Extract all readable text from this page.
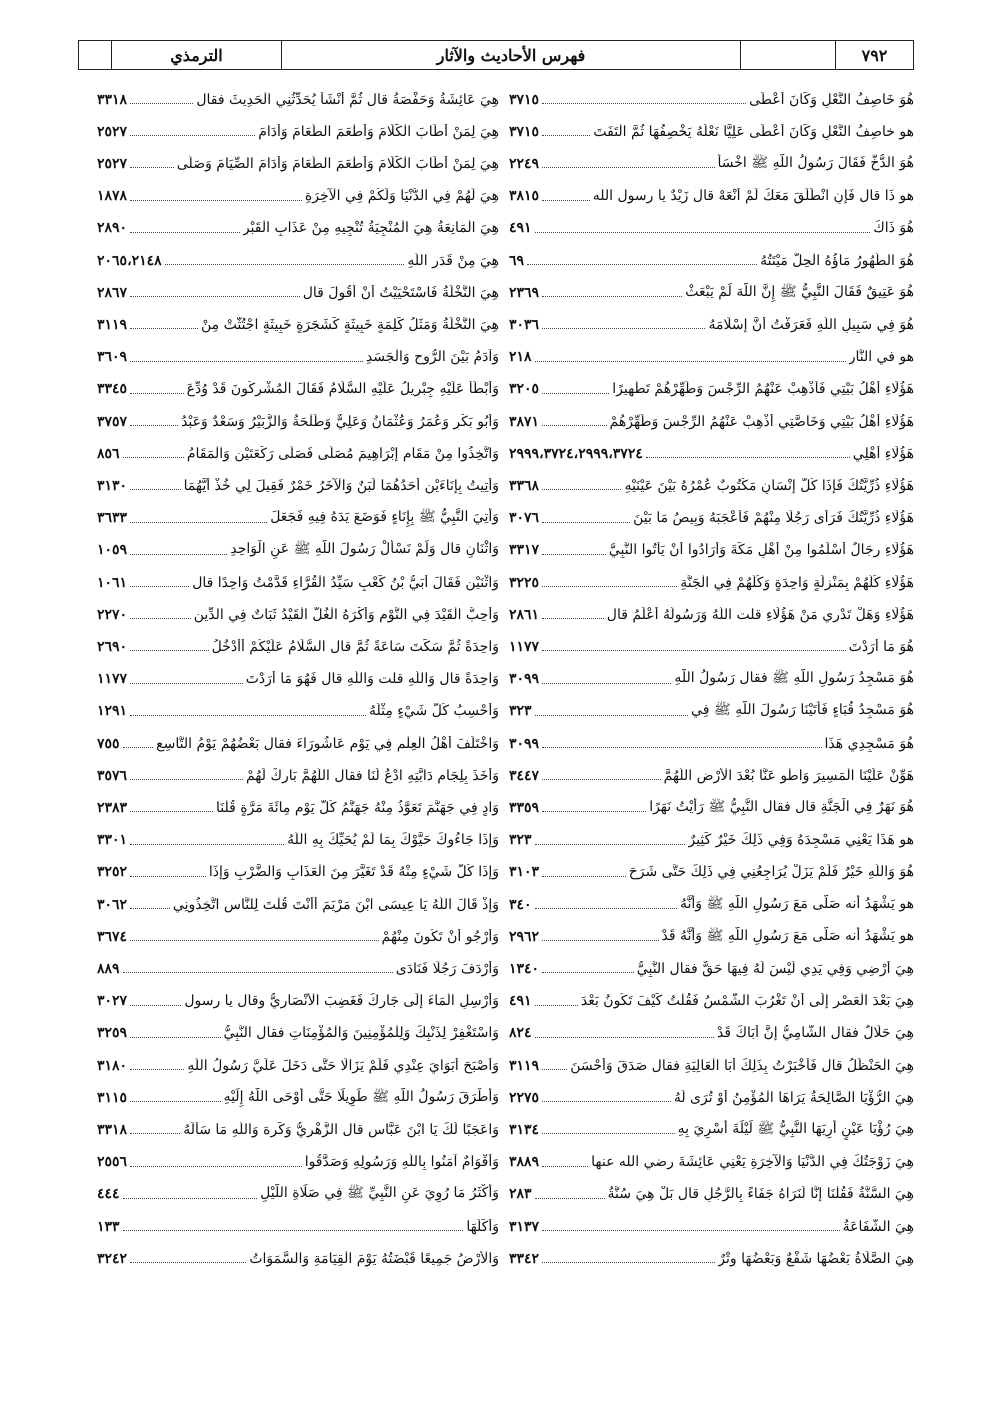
الترمذي	فهرس الأحاديث والآثار	٧٩٢
٣٣١٨	هِيَ عَائِشَةُ وَحَفْصَةُ قال ثُمَّ أَنْشَأَ يُحَدِّثُنِي الْحَدِيثَ فقال
٢٥٢٧	هِيَ لِمَنْ أَطَابَ الْكَلَامَ وَأَطْعَمَ الطَّعَامَ وَأَدَامَ
٢٥٢٧	هِيَ لِمَنْ أَطَابَ الْكَلَامَ وَأَطْعَمَ الطَّعَامَ وَأَدَامَ الصِّيَامَ وَصَلَّى
١٨٧٨	هِيَ لَهُمْ فِي الدُّنْيَا وَلَكُمْ فِي الْآخِرَةِ
٢٨٩٠	هِيَ الْمَانِعَةُ هِيَ الْمُنْجِيَةُ تُنْجِيهِ مِنْ عَذَابِ الْقَبْرِ
٢٠٦٥،٢١٤٨	هِيَ مِنْ قَدَرِ اللَّهِ
٢٨٦٧	هِيَ النَّخْلَةُ فَاسْتَحْيَيْتُ أَنْ أَقُولَ قال
٣١١٩	هِيَ النَّخْلَةُ وَمَثَلُ كَلِمَةٍ خَبِيثَةٍ كَشَجَرَةٍ خَبِيثَةٍ اجْتُثَّتْ مِنْ
٣٦٠٩	وَآدَمُ بَيْنَ الرُّوحِ وَالْجَسَدِ
٣٣٤٥	وَأَبْطَأَ عَلَيْهِ جِبْرِيلُ عَلَيْهِ السَّلَامُ فَقَالَ الْمُشْرِكُونَ قَدْ وُدِّعَ
٣٧٥٧	وَأَبُو بَكْرٍ وَعُمَرُ وَعُثْمَانُ وَعَلِيٌّ وَطَلْحَةُ وَالزُّبَيْرُ وَسَعْدٌ وَعَبْدُ
٨٥٦	وَاتَّخِذُوا مِنْ مَقَامِ إِبْرَاهِيمَ مُصَلًّى فَصَلَّى رَكْعَتَيْنِ وَالْمَقَامُ
٣١٣٠	وَأُتِيتُ بِإِنَاءَيْنِ أَحَدُهُمَا لَبَنٌ وَالْآخَرُ خَمْرٌ فَقِيلَ لِي خُذْ أَيَّهُمَا
٣٦٣٣	وَأُتِيَ النَّبِيُّ ﷺ بِإِنَاءٍ فَوَضَعَ يَدَهُ فِيهِ فَجَعَلَ
١٠٥٩	وَاثْنَانِ قال وَلَمْ نَسْأَلْ رَسُولَ اللَّهِ ﷺ عَنِ الْوَاحِدِ
١٠٦١	وَاثْنَيْنِ فَقَالَ أُبَيُّ بْنُ كَعْبٍ سَيِّدُ الْقُرَّاءِ قَدَّمْتُ وَاحِدًا قال
٢٢٧٠	وَأُحِبُّ الْقَيْدَ فِي النَّوْمِ وَأَكْرَهُ الْغُلَّ الْقَيْدُ ثَبَاتٌ فِي الدِّينِ
٢٦٩٠	وَاحِدَةً ثُمَّ سَكَتَ سَاعَةً ثُمَّ قال السَّلَامُ عَلَيْكُمْ أَأَدْخُلُ
١١٧٧	وَاحِدَةً قال وَاللَّهِ قلت وَاللَّهِ قال فَهُوَ مَا أَرَدْتَ
١٢٩١	وَأَحْسِبُ كُلَّ شَيْءٍ مِثْلَهُ
٧٥٥	وَاخْتَلَفَ أَهْلُ الْعِلْمِ فِي يَوْمِ عَاشُورَاءَ فقال بَعْضُهُمْ يَوْمُ التَّاسِعِ
٣٥٧٦	وَأَخَذَ بِلِجَامِ دَابَّتِهِ ادْعُ لَنَا فقال اللَّهُمَّ بَارِكْ لَهُمْ
٢٣٨٣	وَادٍ فِي جَهَنَّمَ تَعَوَّذُ مِنْهُ جَهَنَّمُ كُلَّ يَوْمٍ مِائَةَ مَرَّةٍ قُلْنَا
٣٣٠١	وَإِذَا جَاءُوكَ حَيَّوْكَ بِمَا لَمْ يُحَيِّكَ بِهِ اللَّهُ
٣٢٥٢	وَإِذَا كُلُّ شَيْءٍ مِنْهُ قَدْ تَغَيَّرَ مِنَ الْعَذَابِ وَالضَّرْبِ وَإِذَا
٣٠٦٢	وَإِذْ قَالَ اللَّهُ يَا عِيسَى ابْنَ مَرْيَمَ أَأَنْتَ قُلْتَ لِلنَّاسِ اتَّخِذُونِي
٣٦٧٤	وَأَرْجُو أَنْ تَكُونَ مِنْهُمْ
٨٨٩	وَأَرْدَفَ رَجُلًا فَنَادَى
٣٠٢٧	وَأَرْسِلِ الْمَاءَ إِلَى جَارِكَ فَغَضِبَ الْأَنْصَارِيُّ وقال يا رسول
٣٢٥٩	وَاسْتَغْفِرْ لِذَنْبِكَ وَلِلْمُؤْمِنِينَ وَالْمُؤْمِنَاتِ فقال النَّبِيُّ
٣١٨٠	وَأَصْبَحَ أَبَوَايَ عِنْدِي فَلَمْ يَزَالَا حَتَّى دَخَلَ عَلَيَّ رَسُولُ اللَّهِ
٣١١٥	وَأَطْرَقَ رَسُولُ اللَّهِ ﷺ طَوِيلًا حَتَّى أَوْحَى اللَّهُ إِلَيْهِ
٣٣١٨	وَاعَجَبًا لَكَ يَا ابْنَ عَبَّاسٍ قال الزُّهْرِيُّ وَكَرِهَ وَاللَّهِ مَا سَأَلَهُ
٢٥٥٦	وَأَقْوَامٌ آمَنُوا بِاللَّهِ وَرَسُولِهِ وَصَدَّقُوا
٤٤٤	وَأَكْثَرُ مَا رُوِيَ عَنِ النَّبِيِّ ﷺ فِي صَلَاةِ اللَّيْلِ
١٣٣	وَأَكَلَهَا
٣٢٤٢	وَالْأَرْضُ جَمِيعًا قَبْضَتُهُ يَوْمَ الْقِيَامَةِ وَالسَّمَوَاتُ
٣٧١٥	هُوَ خَاصِفُ النَّعْلِ وَكَانَ أَعْطَى
٣٧١٥	هو خاصِفُ النَّعْلِ وَكَانَ أَعْطَى عَلِيًّا نَعْلَهُ يَخْصِفُهَا ثُمَّ الْتَفَتَ
٢٢٤٩	هُوَ الدُّخُّ فَقَالَ رَسُولُ اللَّهِ ﷺ اخْسَأْ
٣٨١٥	هو ذَا قال فَإِنِ انْطَلَقَ مَعَكَ لَمْ أَنْعَهْ قال زَيْدٌ يا رسول الله
٤٩١	هُوَ ذَاكَ
٦٩	هُوَ الطَّهُورُ مَاؤُهُ الْحِلُّ مَيْتَتُهُ
٢٣٦٩	هُوَ عَتِيقٌ فَقَالَ النَّبِيُّ ﷺ إِنَّ اللَّهَ لَمْ يَبْعَثْ
٣٠٣٦	هُوَ فِي سَبِيلِ اللَّهِ فَعَرَفْتُ أَنَّ إِسْلَامَهُ
٢١٨	هو في النَّارِ
٣٢٠٥	هَؤُلَاءِ أَهْلُ بَيْتِي فَأَذْهِبْ عَنْهُمُ الرِّجْسَ وَطَهِّرْهُمْ تَطْهِيرًا
٣٨٧١	هَؤُلَاءِ أَهْلُ بَيْتِي وَخَاصَّتِي أَذْهِبْ عَنْهُمُ الرِّجْسَ وَطَهِّرْهُمْ
٢٩٩٩،٣٧٢٤،٢٩٩٩،٣٧٢٤	هَؤُلَاءِ أَهْلِي
٣٣٦٨	هَؤُلَاءِ ذُرِّيَّتُكَ فَإِذَا كُلُّ إِنْسَانٍ مَكْتُوبٌ عُمْرُهُ بَيْنَ عَيْنَيْهِ
٣٠٧٦	هَؤُلَاءِ ذُرِّيَّتُكَ فَرَأَى رَجُلًا مِنْهُمْ فَأَعْجَبَهُ وَبِيصُ مَا بَيْنَ
٣٣١٧	هَؤُلَاءِ رِجَالٌ أَسْلَمُوا مِنْ أَهْلِ مَكَّةَ وَأَرَادُوا أَنْ يَأْتُوا النَّبِيَّ
٣٢٢٥	هَؤُلَاءِ كُلُّهُمْ بِمَنْزِلَةٍ وَاحِدَةٍ وَكُلُّهُمْ فِي الْجَنَّةِ
٢٨٦١	هَؤُلَاءِ وَهَلْ تَدْرِي مَنْ هَؤُلَاءِ قلت اللَّهُ وَرَسُولُهُ أَعْلَمُ قال
١١٧٧	هُوَ مَا أَرَدْتَ
٣٠٩٩	هُوَ مَسْجِدُ رَسُولِ اللَّهِ ﷺ فقال رَسُولُ اللَّهِ
٣٢٣	هُوَ مَسْجِدُ قُبَاءٍ فَأَتَيْنَا رَسُولَ اللَّهِ ﷺ فِي
٣٠٩٩	هُوَ مَسْجِدِي هَذَا
٣٤٤٧	هَوِّنْ عَلَيْنَا الْمَسِيرَ وَاطْوِ عَنَّا بُعْدَ الْأَرْضِ اللَّهُمَّ
٣٣٥٩	هُوَ نَهَرٌ فِي الْجَنَّةِ قال فقال النَّبِيُّ ﷺ رَأَيْتُ نَهَرًا
٣٢٣	هو هَذَا يَعْنِي مَسْجِدَهُ وَفِي ذَلِكَ خَيْرٌ كَثِيرٌ
٣١٠٣	هُوَ وَاللَّهِ خَيْرٌ فَلَمْ يَزَلْ يُرَاجِعُنِي فِي ذَلِكَ حَتَّى شَرَحَ
٣٤٠	هو يَشْهَدُ أنه صَلَّى مَعَ رَسُولِ اللَّهِ ﷺ وَأَنَّهُ
٢٩٦٢	هو يَشْهَدُ أنه صَلَّى مَعَ رَسُولِ اللَّهِ ﷺ وَأَنَّهُ قَدْ
١٣٤٠	هِيَ أَرْضِي وَفِي يَدِي لَيْسَ لَهُ فِيهَا حَقٌّ فقال النَّبِيُّ
٤٩١	هِيَ بَعْدَ الْعَصْرِ إِلَى أَنْ تَغْرُبَ الشَّمْسُ فَقُلْتُ كَيْفَ تَكُونُ بَعْدَ
٨٢٤	هِيَ حَلَالٌ فقال الشَّامِيُّ إِنَّ أَبَاكَ قَدْ
٣١١٩ هِيَ الْحَنْظَلُ قال فَأَخْبَرْتُ بِذَلِكَ أَبَا الْعَالِيَةِ فقال صَدَقَ وَأَحْسَنَ
٢٢٧٥	هِيَ الرُّؤْيَا الصَّالِحَةُ يَرَاهَا الْمُؤْمِنُ أَوْ تُرَى لَهُ
٣١٣٤	هِيَ رُؤْيَا عَيْنٍ أُرِيَهَا النَّبِيُّ ﷺ لَيْلَةَ أُسْرِيَ بِهِ
٣٨٨٩	هِيَ زَوْجَتُكَ فِي الدُّنْيَا وَالْآخِرَةِ يَعْنِي عَائِشَةَ رضي الله عنها
٢٨٣	هِيَ السُّنَّةُ فَقُلْنَا إِنَّا لَنَرَاهُ جَفَاءً بِالرَّجُلِ قال بَلْ هِيَ سُنَّةُ
٣١٣٧	هِيَ الشَّفَاعَةُ
٣٣٤٢	هِيَ الصَّلَاةُ بَعْضُهَا شَفْعٌ وَبَعْضُهَا وِتْرٌ
